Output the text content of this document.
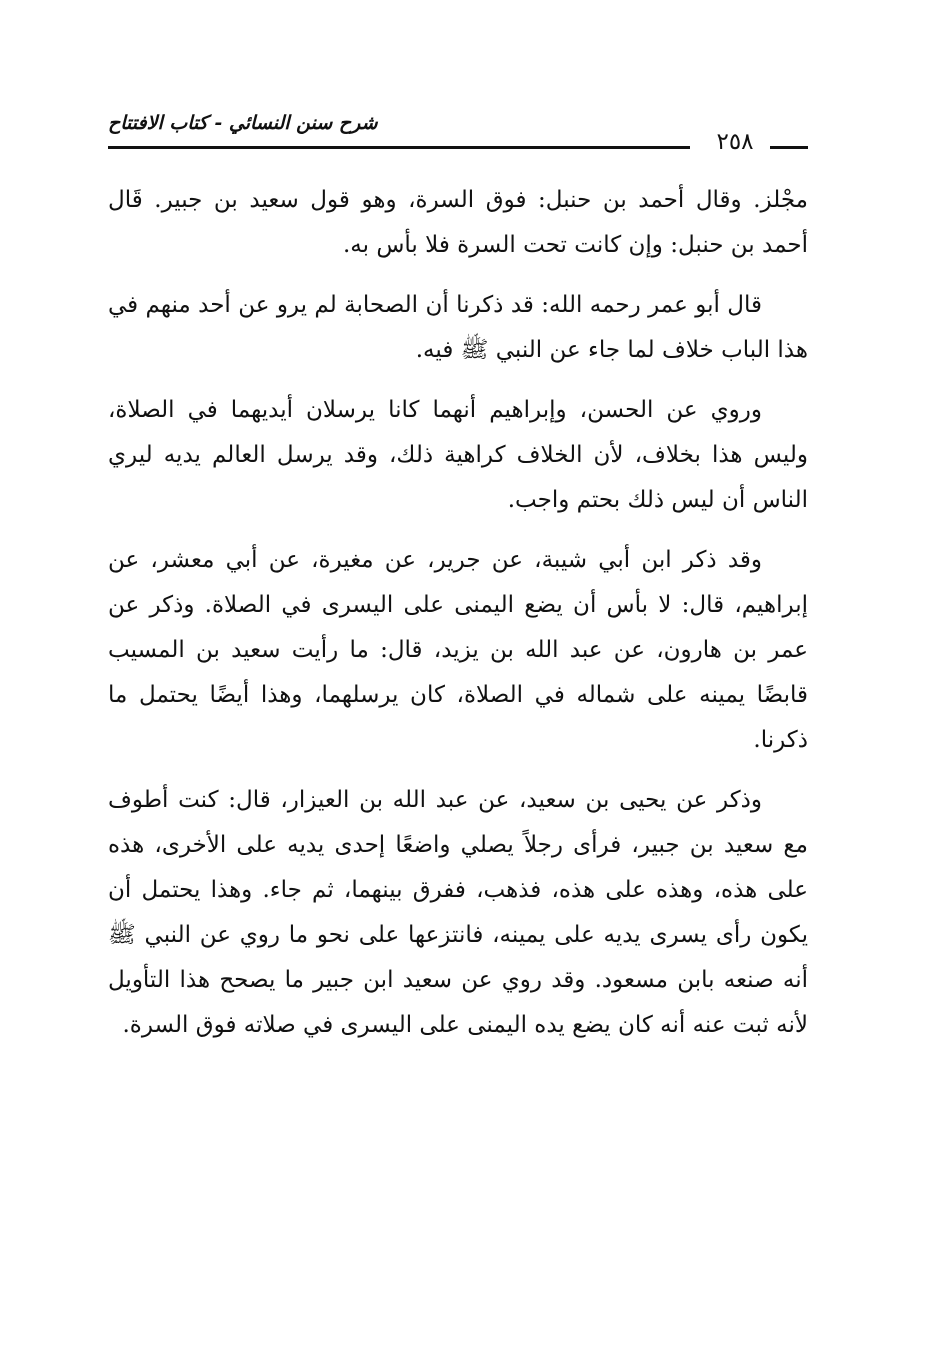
شرح سنن النسائي - كتاب الافتتاح
٢٥٨

مجْلز. وقال أحمد بن حنبل: فوق السرة، وهو قول سعيد بن جبير. قَال أحمد بن حنبل: وإن كانت تحت السرة فلا بأس به.

قال أبو عمر رحمه الله: قد ذكرنا أن الصحابة لم يرو عن أحد منهم في هذا الباب خلاف لما جاء عن النبي ﷺ فيه.

وروي عن الحسن، وإبراهيم أنهما كانا يرسلان أيديهما في الصلاة، وليس هذا بخلاف، لأن الخلاف كراهية ذلك، وقد يرسل العالم يديه ليري الناس أن ليس ذلك بحتم واجب.

وقد ذكر ابن أبي شيبة، عن جرير، عن مغيرة، عن أبي معشر، عن إبراهيم، قال: لا بأس أن يضع اليمنى على اليسرى في الصلاة. وذكر عن عمر بن هارون، عن عبد الله بن يزيد، قال: ما رأيت سعيد بن المسيب قابضًا يمينه على شماله في الصلاة، كان يرسلهما، وهذا أيضًا يحتمل ما ذكرنا.

وذكر عن يحيى بن سعيد، عن عبد الله بن العيزار، قال: كنت أطوف مع سعيد بن جبير، فرأى رجلاً يصلي واضعًا إحدى يديه على الأخرى، هذه على هذه، وهذه على هذه، فذهب، ففرق بينهما، ثم جاء. وهذا يحتمل أن يكون رأى يسرى يديه على يمينه، فانتزعها على نحو ما روي عن النبي ﷺ أنه صنعه بابن مسعود. وقد روي عن سعيد ابن جبير ما يصحح هذا التأويل لأنه ثبت عنه أنه كان يضع يده اليمنى على اليسرى في صلاته فوق السرة.
